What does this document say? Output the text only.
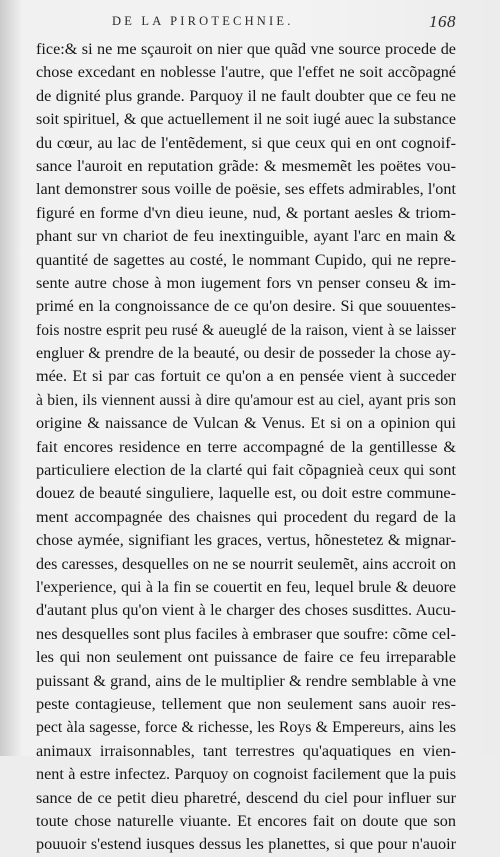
DE LA PIROTECHNIE.	168
fice:& si ne me sçauroit on nier que quãd vne source procede de
chose excedant en noblesse l'autre, que l'effet ne soit accõpagné
de dignité plus grande. Parquoy il ne fault doubter que ce feu ne
soit spirituel, & que actuellement il ne soit iugé auec la substance
du cœur, au lac de l'entẽdement, si que ceux qui en ont cognoif-
sance l'auroit en reputation grãde: & mesmemẽt les poëtes vou-
lant demonstrer sous voille de poësie, ses effets admirables, l'ont
figuré en forme d'vn dieu ieune, nud, & portant aesles & triom-
phant sur vn chariot de feu inextinguible, ayant l'arc en main &
quantité de sagettes au costé, le nommant Cupido, qui ne repre-
sente autre chose à mon iugement fors vn penser conseu & im-
primé en la congnoissance de ce qu'on desire. Si que souuentes-
fois nostre esprit peu rusé & aueuglé de la raison, vient à se laisser
engluer & prendre de la beauté, ou desir de posseder la chose ay-
mée. Et si par cas fortuit ce qu'on a en pensée vient à succeder
à bien, ils viennent aussi à dire qu'amour est au ciel, ayant pris son
origine & naissance de Vulcan & Venus. Et si on a opinion qui
fait encores residence en terre accompagné de la gentillesse &
particuliere election de la clarté qui fait cõpagnieà ceux qui sont
douez de beauté singuliere, laquelle est, ou doit estre commune-
ment accompagnée des chaisnes qui procedent du regard de la
chose aymée, signifiant les graces, vertus, hõnestetez & mignar-
des caresses, desquelles on ne se nourrit seulemẽt, ains accroit on
l'experience, qui à la fin se couertit en feu, lequel brule & deuore
d'autant plus qu'on vient à le charger des choses susdittes. Aucu-
nes desquelles sont plus faciles à embraser que soufre: cõme cel-
les qui non seulement ont puissance de faire ce feu irreparable
puissant & grand, ains de le multiplier & rendre semblable à vne
peste contagieuse, tellement que non seulement sans auoir res-
pect àla sagesse, force & richesse, les Roys & Empereurs, ains les
animaux irraisonnables, tant terrestres qu'aquatiques en vien-
nent à estre infectez. Parquoy on cognoist facilement que la puis
sance de ce petit dieu pharetré, descend du ciel pour influer sur
toute chose naturelle viuante. Et encores fait on doute que son
pouuoir s'estend iusques dessus les planettes, si que pour n'auoir
